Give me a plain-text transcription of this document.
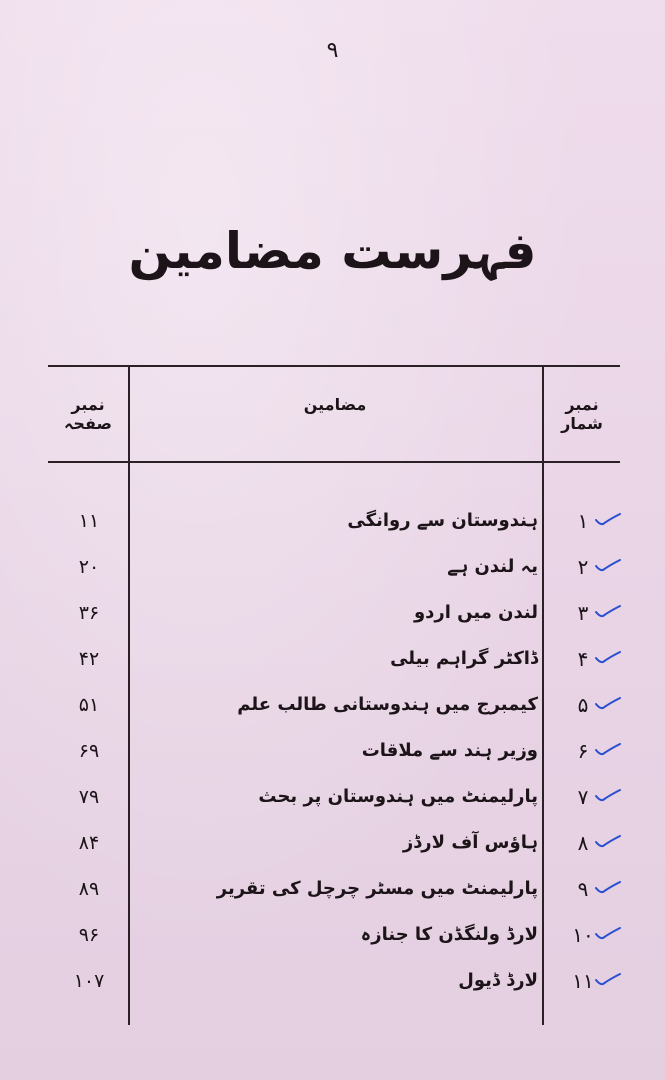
۹
فہرست مضامین
نمبر شمار
مضامین
نمبر صفحہ
۱
ہندوستان سے روانگی
۱۱
۲
یہ لندن ہے
۲۰
۳
لندن میں اردو
۳۶
۴
ڈاکٹر گراہم بیلی
۴۲
۵
کیمبرج میں ہندوستانی طالب علم
۵۱
۶
وزیر ہند سے ملاقات
۶۹
۷
پارلیمنٹ میں ہندوستان پر بحث
۷۹
۸
ہاؤس آف لارڈز
۸۴
۹
پارلیمنٹ میں مسٹر چرچل کی تقریر
۸۹
۱۰
لارڈ ولنگڈن کا جنازہ
۹۶
۱۱
لارڈ ڈیول
۱۰۷
